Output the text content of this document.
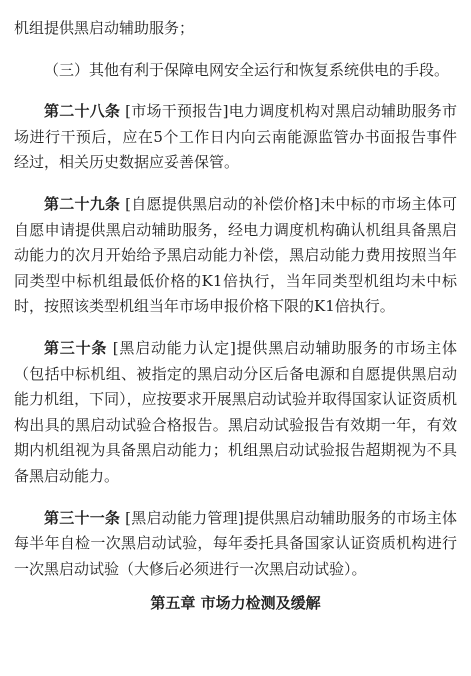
机组提供黑启动辅助服务；

（三）其他有利于保障电网安全运行和恢复系统供电的手段。

第二十八条 [市场干预报告]电力调度机构对黑启动辅助服务市场进行干预后，应在5个工作日内向云南能源监管办书面报告事件经过，相关历史数据应妥善保管。

第二十九条 [自愿提供黑启动的补偿价格]未中标的市场主体可自愿申请提供黑启动辅助服务，经电力调度机构确认机组具备黑启动能力的次月开始给予黑启动能力补偿，黑启动能力费用按照当年同类型中标机组最低价格的K1倍执行，当年同类型机组均未中标时，按照该类型机组当年市场申报价格下限的K1倍执行。

第三十条 [黑启动能力认定]提供黑启动辅助服务的市场主体（包括中标机组、被指定的黑启动分区后备电源和自愿提供黑启动能力机组，下同），应按要求开展黑启动试验并取得国家认证资质机构出具的黑启动试验合格报告。黑启动试验报告有效期一年，有效期内机组视为具备黑启动能力；机组黑启动试验报告超期视为不具备黑启动能力。

第三十一条 [黑启动能力管理]提供黑启动辅助服务的市场主体每半年自检一次黑启动试验，每年委托具备国家认证资质机构进行一次黑启动试验（大修后必须进行一次黑启动试验）。

第五章 市场力检测及缓解
